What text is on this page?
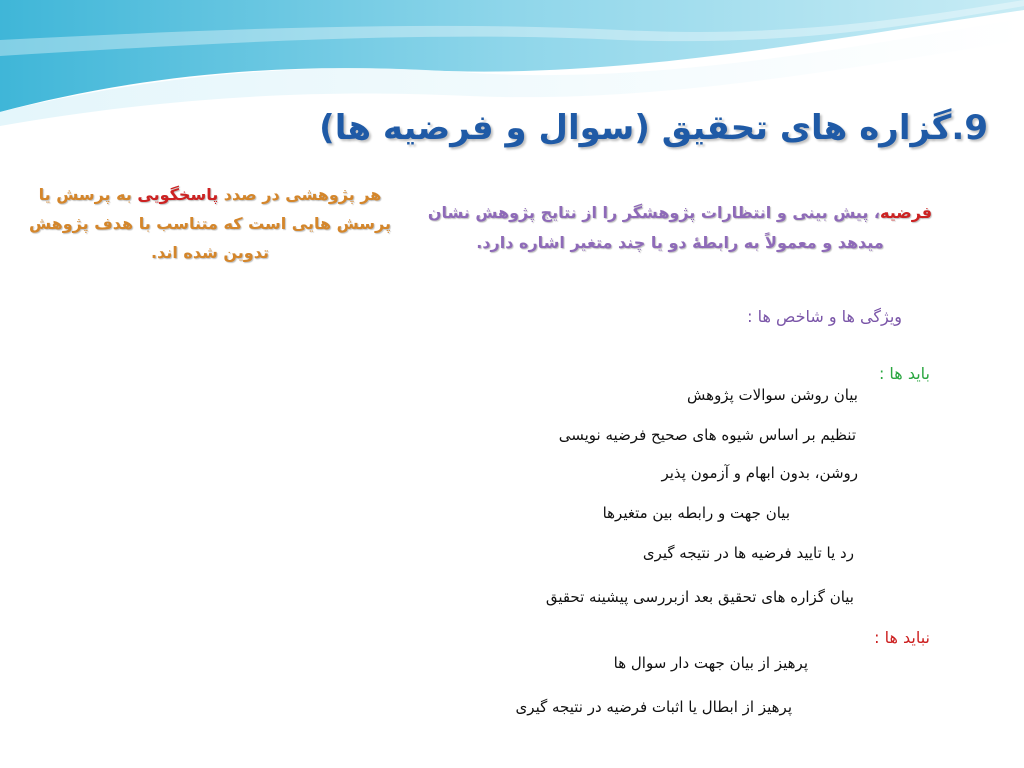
9.گزاره های تحقیق (سوال و فرضیه ها)
هر پژوهشی در صدد پاسخگویی به پرسش یا پرسش هایی است که متناسب با هدف پژوهش تدوین شده اند.
فرضیه، پیش بینی و انتظارات پژوهشگر را از نتایج پژوهش نشان میدهد و معمولاً به رابطهٔ دو یا چند متغیر اشاره دارد.
ویژگی ها و شاخص ها :
باید ها :
بیان روشن سوالات پژوهش
تنظیم بر اساس شیوه های صحیح فرضیه نویسی
روشن، بدون ابهام و آزمون پذیر
بیان جهت و رابطه بین متغیرها
رد یا تایید فرضیه ها در نتیجه گیری
بیان گزاره های تحقیق بعد ازبررسی پیشینه تحقیق
نباید ها :
پرهیز از بیان جهت دار سوال ها
پرهیز از ابطال یا اثبات فرضیه در نتیجه گیری
